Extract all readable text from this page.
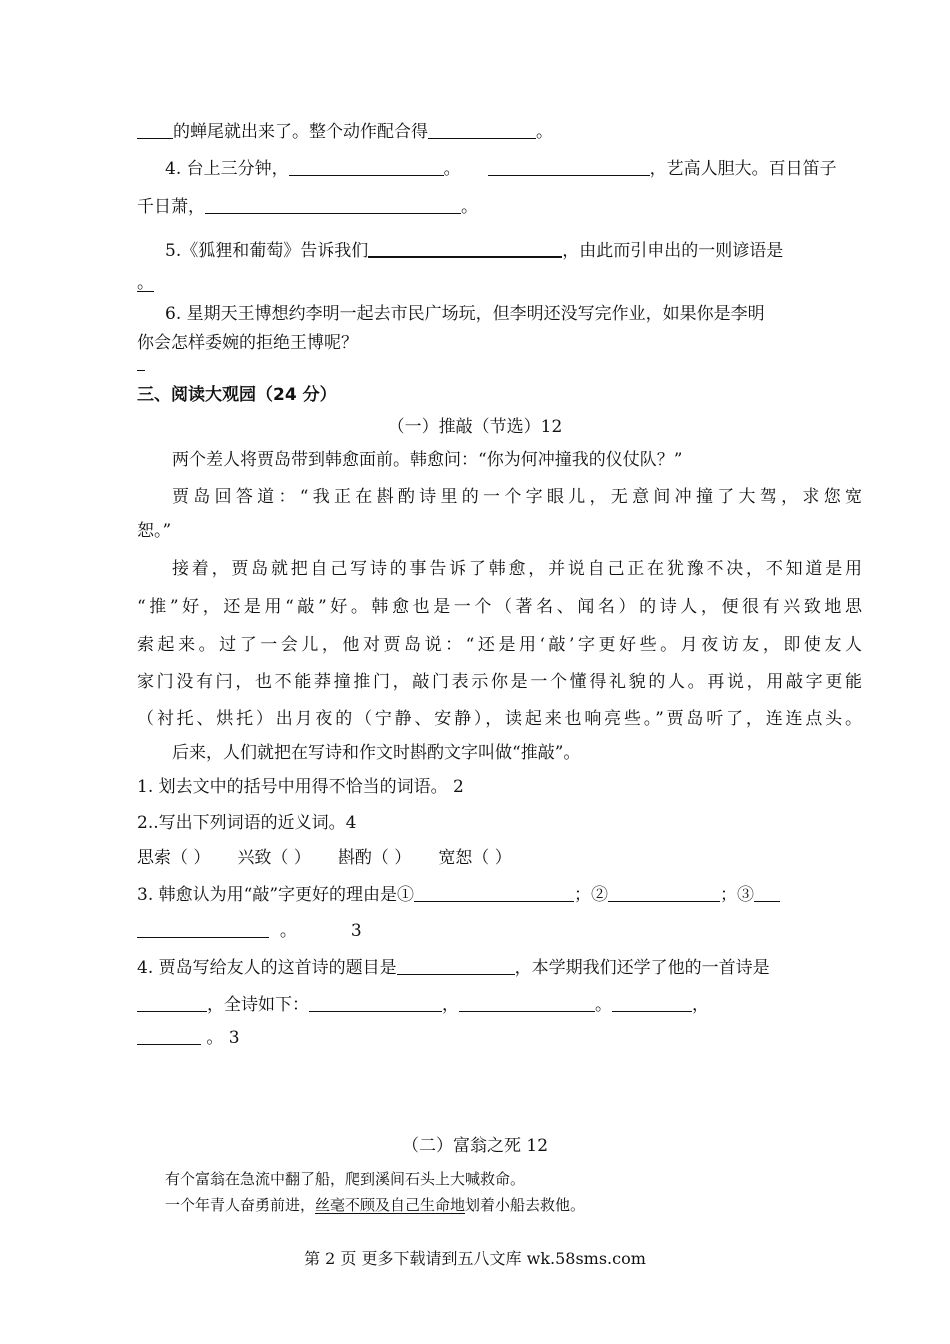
的蝉尾就出来了。整个动作配合得	。
4. 台上三分钟，	。	，艺高人胆大。百日笛子
千日萧，	。
5.《狐狸和葡萄》告诉我们	，由此而引申出的一则谚语是
。
6. 星期天王博想约李明一起去市民广场玩，但李明还没写完作业，如果你是李明
你会怎样委婉的拒绝王博呢？
三、阅读大观园（24 分）
（一）推敲（节选）12
两个差人将贾岛带到韩愈面前。韩愈问：“你为何冲撞我的仪仗队？”
贾岛回答道：“我正在斟酌诗里的一个字眼儿，无意间冲撞了大驾，求您宽
恕。”
接着，贾岛就把自己写诗的事告诉了韩愈，并说自己正在犹豫不决，不知道是用
“推”好，还是用“敲”好。韩愈也是一个（著名、闻名）的诗人，便很有兴致地思
索起来。过了一会儿，他对贾岛说：“还是用‘敲’字更好些。月夜访友，即使友人
家门没有闩，也不能莽撞推门，敲门表示你是一个懂得礼貌的人。再说，用敲字更能
（衬托、烘托）出月夜的（宁静、安静），读起来也响亮些。”贾岛听了，连连点头。
后来，人们就把在写诗和作文时斟酌文字叫做“推敲”。
1. 划去文中的括号中用得不恰当的词语。 2
2..写出下列词语的近义词。4
思索（ ） 兴致（ ） 斟酌（ ） 宽恕（ ）
3. 韩愈认为用“敲”字更好的理由是①	；②	；③
。	3
4. 贾岛写给友人的这首诗的题目是	，本学期我们还学了他的一首诗是
，全诗如下：	，	。	，
。 3
（二）富翁之死 12
有个富翁在急流中翻了船，爬到溪间石头上大喊救命。
一个年青人奋勇前进，丝毫不顾及自己生命地划着小船去救他。
第 2 页 更多下载请到五八文库 wk.58sms.com
